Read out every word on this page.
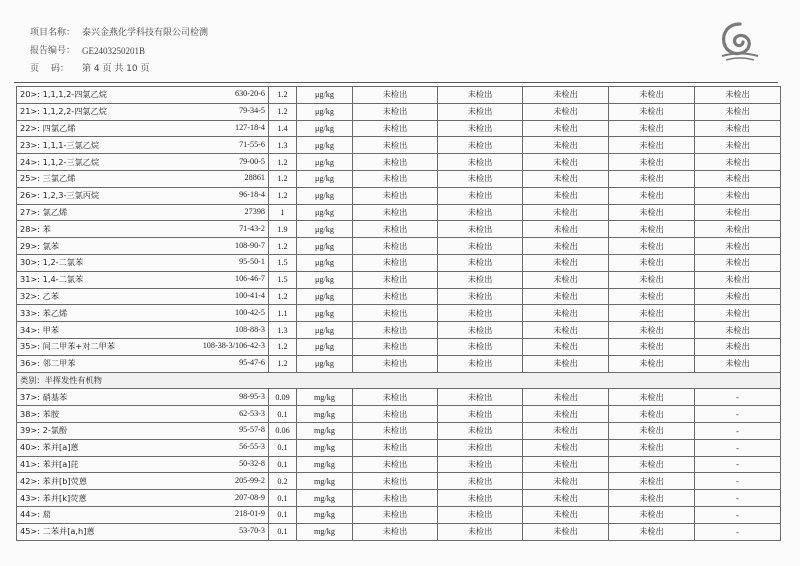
项目名称： 泰兴金燕化学科技有限公司检测
报告编号： GE2403250201B
页　 码：	第 4 页 共 10 页
630-20-6
20>: 1,1,1,2-四氯乙烷	1.2	μg/kg	未检出	未检出	未检出	未检出	未检出

79-34-5
21>: 1,1,2,2-四氯乙烷	1.2	μg/kg	未检出	未检出	未检出	未检出	未检出

127-18-4
22>: 四氯乙烯	1.4	μg/kg	未检出	未检出	未检出	未检出	未检出

71-55-6
23>: 1,1,1-三氯乙烷	1.3	μg/kg	未检出	未检出	未检出	未检出	未检出

79-00-5
24>: 1,1,2-三氯乙烷	1.2	μg/kg	未检出	未检出	未检出	未检出	未检出

28861
25>: 三氯乙烯	1.2	μg/kg	未检出	未检出	未检出	未检出	未检出

96-18-4
26>: 1,2,3-三氯丙烷	1.2	μg/kg	未检出	未检出	未检出	未检出	未检出

27398
27>: 氯乙烯	1	μg/kg	未检出	未检出	未检出	未检出	未检出

71-43-2
28>: 苯	1.9	μg/kg	未检出	未检出	未检出	未检出	未检出

108-90-7
29>: 氯苯	1.2	μg/kg	未检出	未检出	未检出	未检出	未检出

95-50-1
30>: 1,2-二氯苯	1.5	μg/kg	未检出	未检出	未检出	未检出	未检出

106-46-7
31>: 1,4-二氯苯	1.5	μg/kg	未检出	未检出	未检出	未检出	未检出

100-41-4
32>: 乙苯	1.2	μg/kg	未检出	未检出	未检出	未检出	未检出

100-42-5
33>: 苯乙烯	1.1	μg/kg	未检出	未检出	未检出	未检出	未检出

108-88-3
34>: 甲苯	1.3	μg/kg	未检出	未检出	未检出	未检出	未检出

108-38-3/106-42-3
35>: 间二甲苯+对二甲苯	1.2	μg/kg	未检出	未检出	未检出	未检出	未检出

95-47-6
36>: 邻二甲苯	1.2	μg/kg	未检出	未检出	未检出	未检出	未检出
类别：半挥发性有机物							

98-95-3
37>: 硝基苯	0.09	mg/kg	未检出	未检出	未检出	未检出	-

62-53-3
38>: 苯胺	0.1	mg/kg	未检出	未检出	未检出	未检出	-

95-57-8
39>: 2-氯酚	0.06	mg/kg	未检出	未检出	未检出	未检出	-

56-55-3
40>: 苯并[a]蒽	0.1	mg/kg	未检出	未检出	未检出	未检出	-

50-32-8
41>: 苯并[a]芘	0.1	mg/kg	未检出	未检出	未检出	未检出	-

205-99-2
42>: 苯并[b]荧蒽	0.2	mg/kg	未检出	未检出	未检出	未检出	-

207-08-9
43>: 苯并[k]荧蒽	0.1	mg/kg	未检出	未检出	未检出	未检出	-

218-01-9
44>: 䓛	0.1	mg/kg	未检出	未检出	未检出	未检出	-

53-70-3
45>: 二苯并[a,h]蒽	0.1	mg/kg	未检出	未检出	未检出	未检出	-
